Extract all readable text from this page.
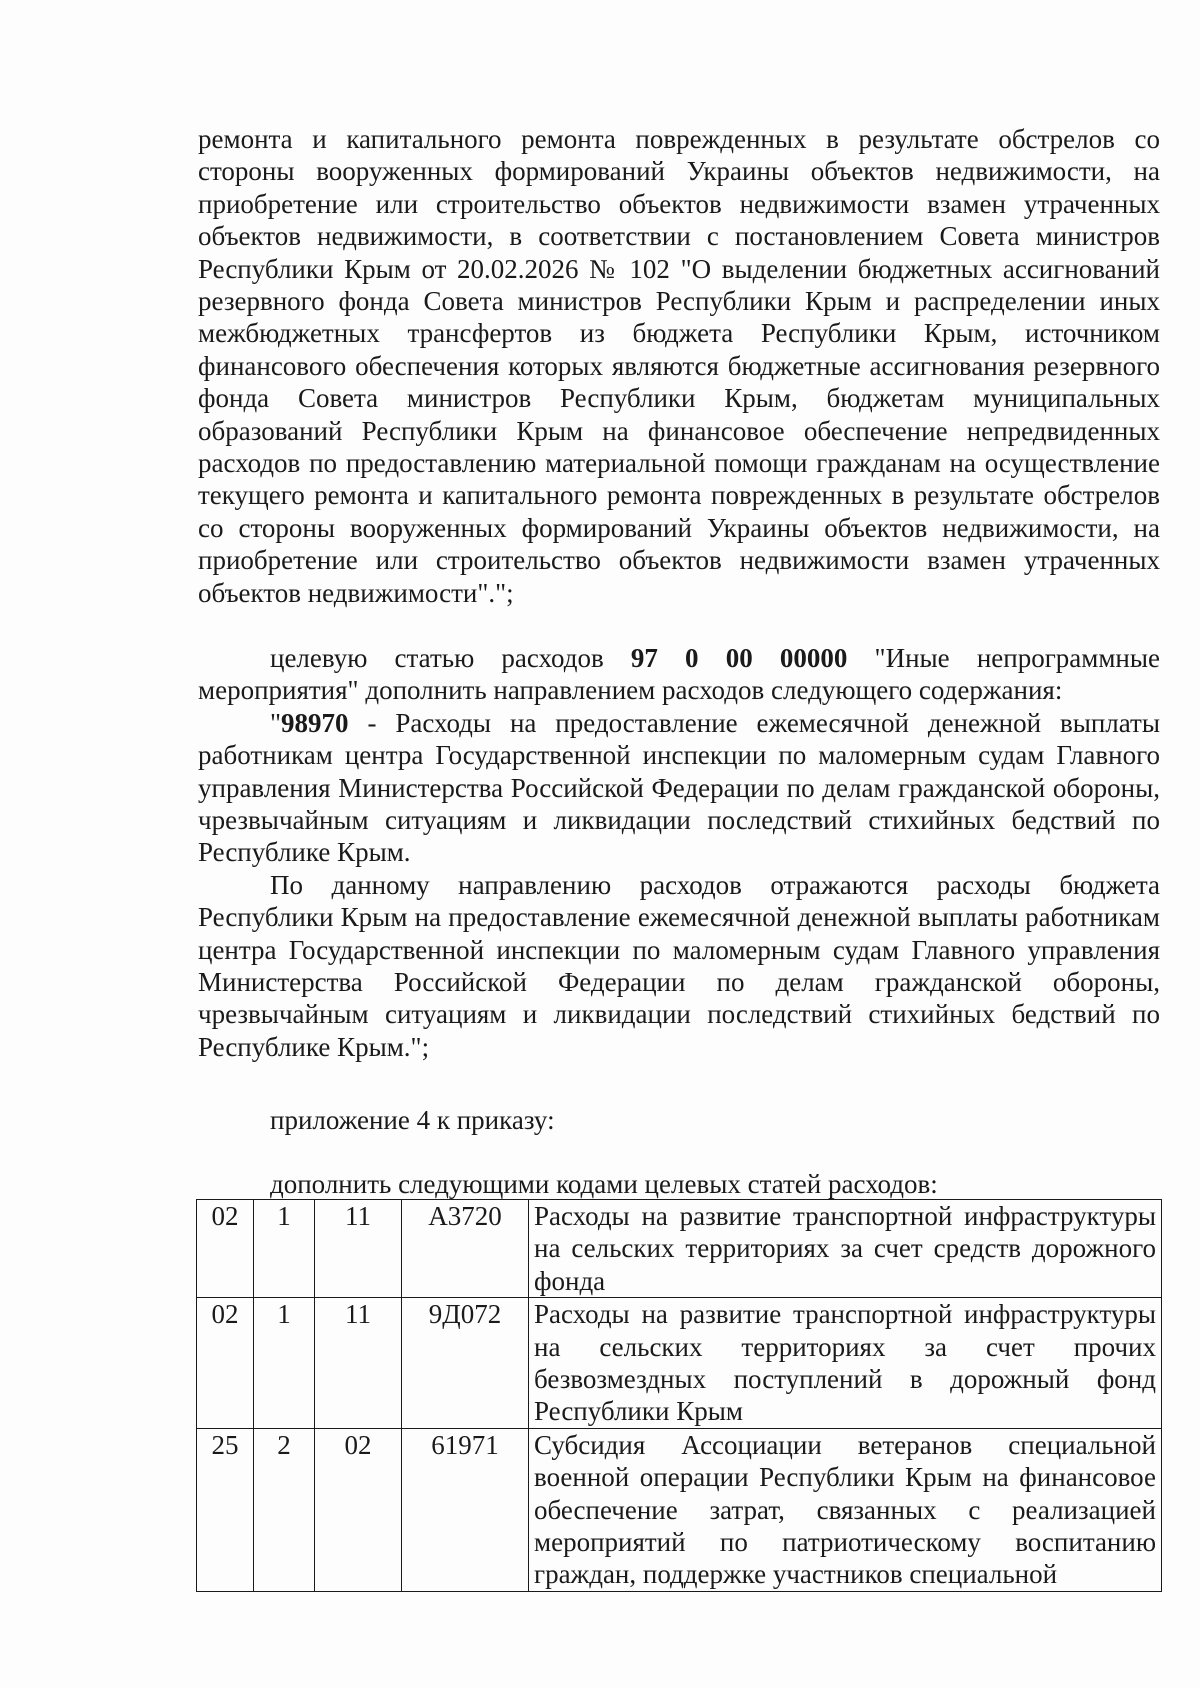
ремонта и капитального ремонта поврежденных в результате обстрелов со стороны вооруженных формирований Украины объектов недвижимости, на приобретение или строительство объектов недвижимости взамен утраченных объектов недвижимости, в соответствии с постановлением Совета министров Республики Крым от 20.02.2026 № 102 "О выделении бюджетных ассигнований резервного фонда Совета министров Республики Крым и распределении иных межбюджетных трансфертов из бюджета Республики Крым, источником финансового обеспечения которых являются бюджетные ассигнования резервного фонда Совета министров Республики Крым, бюджетам муниципальных образований Республики Крым на финансовое обеспечение непредвиденных расходов по предоставлению материальной помощи гражданам на осуществление текущего ремонта и капитального ремонта поврежденных в результате обстрелов со стороны вооруженных формирований Украины объектов недвижимости, на приобретение или строительство объектов недвижимости взамен утраченных объектов недвижимости".";

целевую статью расходов 97 0 00 00000 "Иные непрограммные мероприятия" дополнить направлением расходов следующего содержания:

"98970 - Расходы на предоставление ежемесячной денежной выплаты работникам центра Государственной инспекции по маломерным судам Главного управления Министерства Российской Федерации по делам гражданской обороны, чрезвычайным ситуациям и ликвидации последствий стихийных бедствий по Республике Крым.

По данному направлению расходов отражаются расходы бюджета Республики Крым на предоставление ежемесячной денежной выплаты работникам центра Государственной инспекции по маломерным судам Главного управления Министерства Российской Федерации по делам гражданской обороны, чрезвычайным ситуациям и ликвидации последствий стихийных бедствий по Республике Крым.";

приложение 4 к приказу:

дополнить следующими кодами целевых статей расходов:

02	1	11	А3720	Расходы на развитие транспортной инфраструктуры на сельских территориях за счет средств дорожного фонда
02	1	11	9Д072	Расходы на развитие транспортной инфраструктуры на сельских территориях за счет прочих безвозмездных поступлений в дорожный фонд Республики Крым
25	2	02	61971	Субсидия Ассоциации ветеранов специальной военной операции Республики Крым на финансовое обеспечение затрат, связанных с реализацией мероприятий по патриотическому воспитанию граждан, поддержке участников специальной
